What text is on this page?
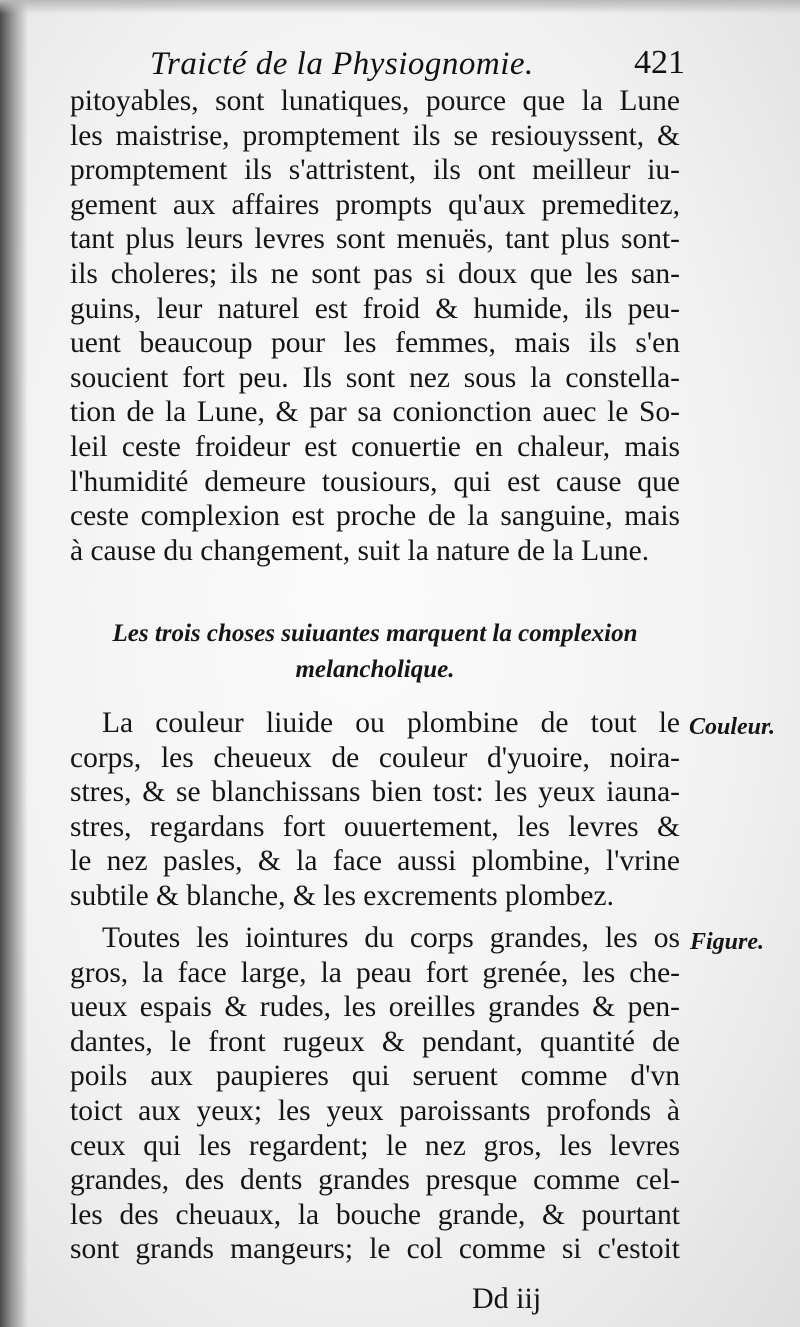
Traicté de la Physiognomie.	421
pitoyables, sont lunatiques, pource que la Lune
les maistrise, promptement ils se resiouyssent, &
promptement ils s'attristent, ils ont meilleur iu-
gement aux affaires prompts qu'aux premeditez,
tant plus leurs levres sont menuës, tant plus sont-
ils choleres; ils ne sont pas si doux que les san-
guins, leur naturel est froid & humide, ils peu-
uent beaucoup pour les femmes, mais ils s'en
soucient fort peu. Ils sont nez sous la constella-
tion de la Lune, & par sa conionction auec le So-
leil ceste froideur est conuertie en chaleur, mais
l'humidité demeure tousiours, qui est cause que
ceste complexion est proche de la sanguine, mais
à cause du changement, suit la nature de la Lune.
Les trois choses suiuantes marquent la complexion
melancholique.
La couleur liuide ou plombine de tout le
corps, les cheueux de couleur d'yuoire, noira-
stres, & se blanchissans bien tost: les yeux iauna-
stres, regardans fort ouuertement, les levres &
le nez pasles, & la face aussi plombine, l'vrine
subtile & blanche, & les excrements plombez.
Toutes les iointures du corps grandes, les os
gros, la face large, la peau fort grenée, les che-
ueux espais & rudes, les oreilles grandes & pen-
dantes, le front rugeux & pendant, quantité de
poils aux paupieres qui seruent comme d'vn
toict aux yeux; les yeux paroissants profonds à
ceux qui les regardent; le nez gros, les levres
grandes, des dents grandes presque comme cel-
les des cheuaux, la bouche grande, & pourtant
sont grands mangeurs; le col comme si c'estoit
Couleur.
Figure.
Dd iij
